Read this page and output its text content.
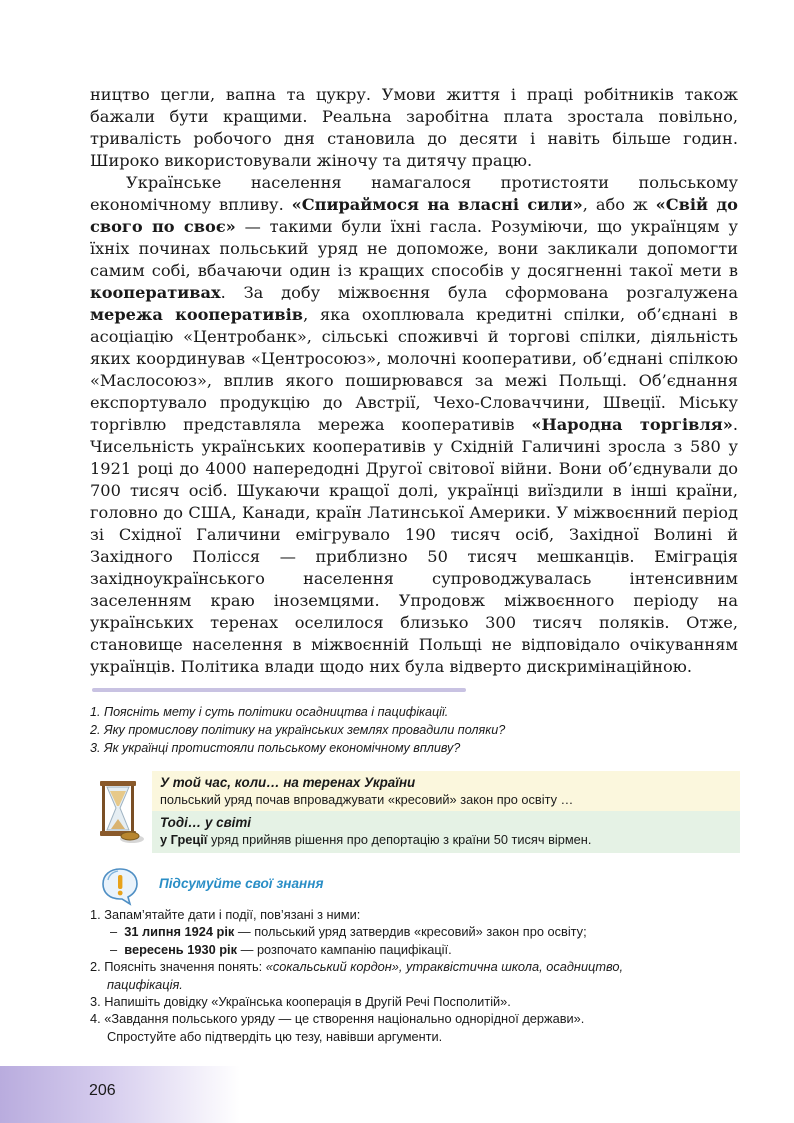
ництво цегли, вапна та цукру. Умови життя і праці робітників також бажали бути кращими. Реальна заробітна плата зростала повільно, тривалість робочого дня становила до десяти і навіть більше годин. Широко використовували жіночу та дитячу працю.

Українське населення намагалося протистояти польському економічному впливу. «Спираймося на власні сили», або ж «Свій до свого по своє» — такими були їхні гасла. Розуміючи, що українцям у їхніх починах польський уряд не допоможе, вони закликали допомогти самим собі, вбачаючи один із кращих способів у досягненні такої мети в кооперативах. За добу міжвоєння була сформована розгалужена мережа кооперативів, яка охоплювала кредитні спілки, об’єднані в асоціацію «Центробанк», сільські споживчі й торгові спілки, діяльність яких координував «Центросоюз», молочні кооперативи, об’єднані спілкою «Маслосоюз», вплив якого поширювався за межі Польщі. Об’єднання експортувало продукцію до Австрії, Чехо-Словаччини, Швеції. Міську торгівлю представляла мережа кооперативів «Народна торгівля». Чисельність українських кооперативів у Східній Галичині зросла з 580 у 1921 році до 4000 напередодні Другої світової війни. Вони об’єднували до 700 тисяч осіб. Шукаючи кращої долі, українці виїздили в інші країни, головно до США, Канади, країн Латинської Америки. У міжвоєнний період зі Східної Галичини емігрувало 190 тисяч осіб, Західної Волині й Західного Полісся — приблизно 50 тисяч мешканців. Еміграція західноукраїнського населення супроводжувалась інтенсивним заселенням краю іноземцями. Упродовж міжвоєнного періоду на українських теренах оселилося близько 300 тисяч поляків. Отже, становище населення в міжвоєнній Польщі не відповідало очікуванням українців. Політика влади щодо них була відверто дискримінаційною.

1. Поясніть мету і суть політики осадництва і пацифікації.
2. Яку промислову політику на українських землях провадили поляки?
3. Як українці протистояли польському економічному впливу?
У той час, коли… на теренах України
польський уряд почав впроваджувати «кресовий» закон про освіту …
Тоді… у світі
у Греції уряд прийняв рішення про депортацію з країни 50 тисяч вірмен.
Підсумуйте свої знання
1. Запам’ятайте дати і події, пов’язані з ними:
– 31 липня 1924 рік — польський уряд затвердив «кресовий» закон про освіту;
– вересень 1930 рік — розпочато кампанію пацифікації.
2. Поясніть значення понять: «сокальський кордон», утраквістична школа, осадництво,
пацифікація.
3. Напишіть довідку «Українська кооперація в Другій Речі Посполитій».
4. «Завдання польського уряду — це створення національно однорідної держави».
Спростуйте або підтвердіть цю тезу, навівши аргументи.
206
